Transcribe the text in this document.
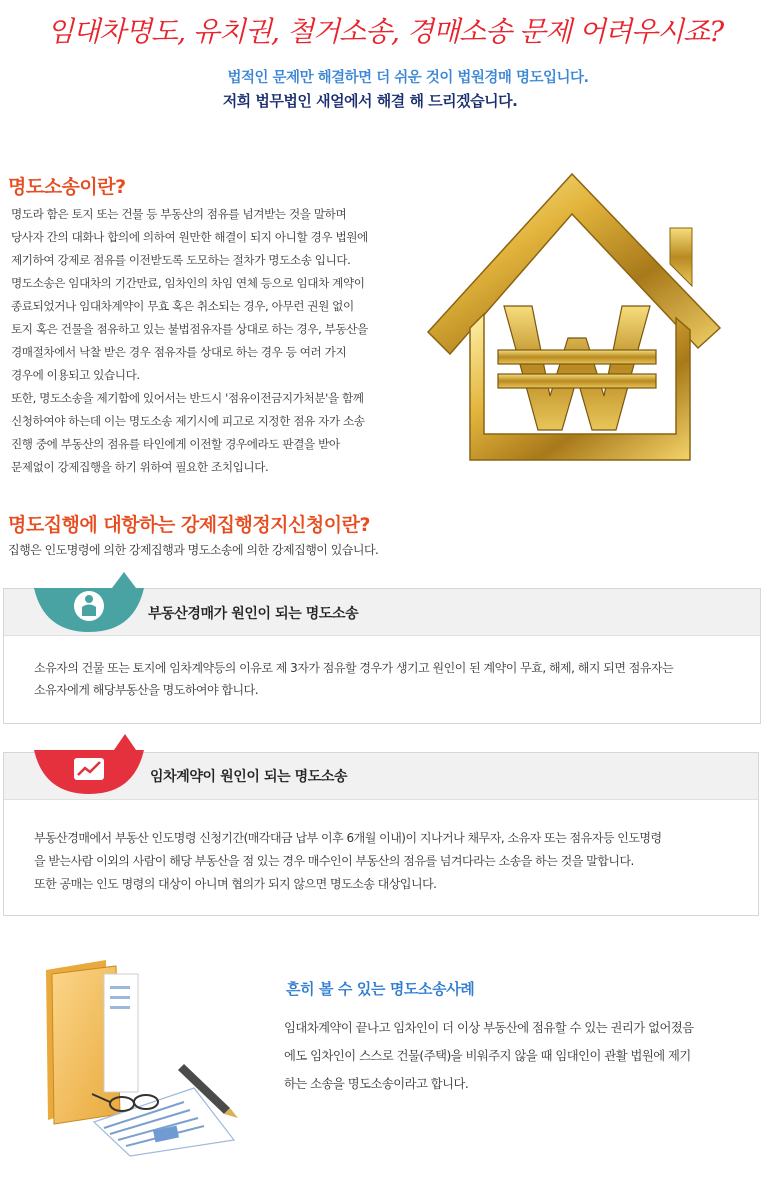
임대차명도, 유치권, 철거소송, 경매소송 문제 어려우시죠?
법적인 문제만 해결하면 더 쉬운 것이 법원경매 명도입니다.
저희 법무법인 새얼에서 해결 해 드리겠습니다.
명도소송이란?

명도라 함은 토지 또는 건물 등 부동산의 점유를 넘겨받는 것을 말하며

당사자 간의 대화나 합의에 의하여 원만한 해결이 되지 아니할 경우 법원에

제기하여 강제로 점유를 이전받도록 도모하는 절차가 명도소송 입니다.

명도소송은 임대차의 기간만료, 임차인의 차임 연체 등으로 임대차 계약이

종료되었거나 임대차계약이 무효 혹은 취소되는 경우, 아무런 권원 없이

토지 혹은 건물을 점유하고 있는 불법점유자를 상대로 하는 경우, 부동산을

경매절차에서 낙찰 받은 경우 점유자를 상대로 하는 경우 등 여러 가지

경우에 이용되고 있습니다.

또한, 명도소송을 제기함에 있어서는 반드시 '점유이전금지가처분'을 함께

신청하여야 하는데 이는 명도소송 제기시에 피고로 지정한 점유 자가 소송

진행 중에 부동산의 점유를 타인에게 이전할 경우에라도 판결을 받아

문제없이 강제집행을 하기 위하여 필요한 조치입니다.

명도집행에 대항하는 강제집행정지신청이란?
집행은 인도명령에 의한 강제집행과 명도소송에 의한 강제집행이 있습니다.
부동산경매가 원인이 되는 명도소송

소유자의 건물 또는 토지에 임차계약등의 이유로 제 3자가 점유할 경우가 생기고 원인이 된 계약이 무효, 해제, 해지 되면 점유자는

소유자에게 해당부동산을 명도하여야 합니다.

임차계약이 원인이 되는 명도소송

부동산경매에서 부동산 인도명령 신청기간(매각대금 납부 이후 6개월 이내)이 지나거나 채무자, 소유자 또는 점유자등 인도명령

을 받는사람 이외의 사람이 해당 부동산을 점 있는 경우 매수인이 부동산의 점유를 넘겨다라는 소송을 하는 것을 말합니다.

또한 공매는 인도 명령의 대상이 아니며 협의가 되지 않으면 명도소송 대상입니다.

흔히 볼 수 있는 명도소송사례

임대차계약이 끝나고 임차인이 더 이상 부동산에 점유할 수 있는 권리가 없어졌음

에도 임차인이 스스로 건물(주택)을 비워주지 않을 때 임대인이 관활 법원에 제기

하는 소송을 명도소송이라고 합니다.
